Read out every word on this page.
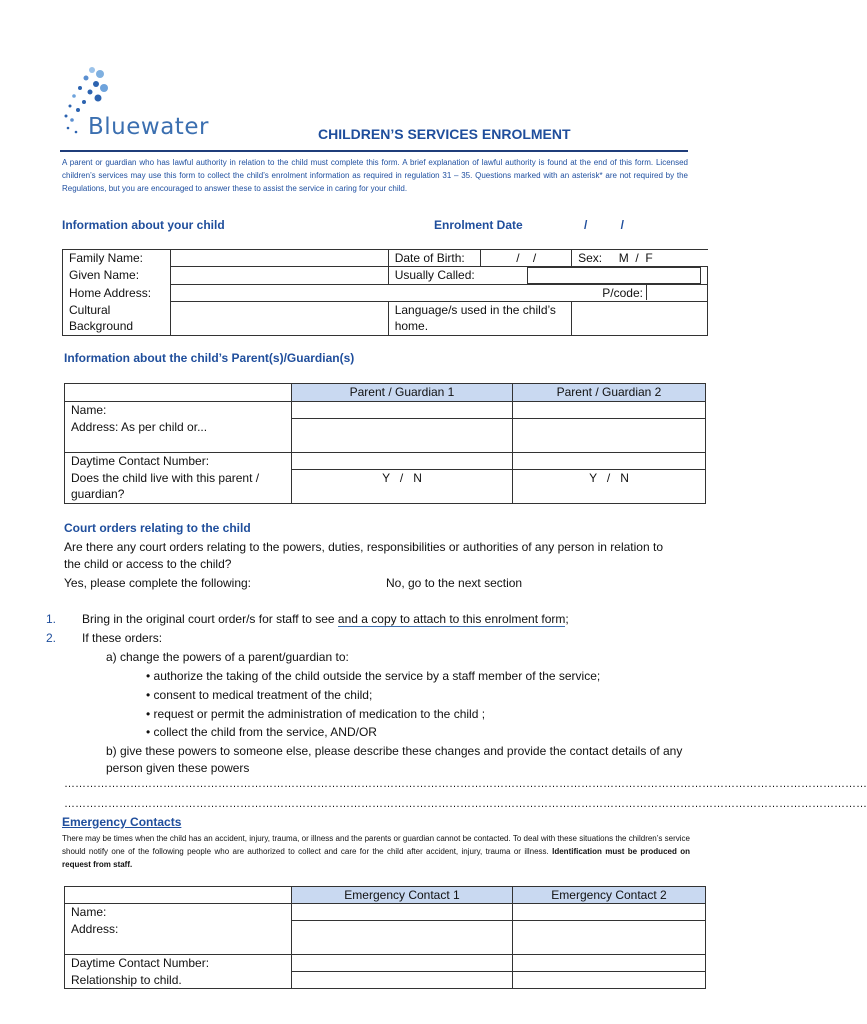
Bluewater	CHILDREN’S SERVICES ENROLMENT
A parent or guardian who has lawful authority in relation to the child must complete this form. A brief explanation of lawful authority is found at the end of this form. Licensed children’s services may use this form to collect the child’s enrolment information as required in regulation 31 – 35. Questions marked with an asterisk* are not required by the Regulations, but you are encouraged to answer these to assist the service in caring for your child.
Information about your child	Enrolment Date	/          /
Family Name:		Date of Birth:	/    /	Sex: M  /  F
Given Name:		Usually Called:		

Home Address:				P/code:
Cultural Background		Language/s used in the child’s home.		
Information about the child’s Parent(s)/Guardian(s)
	Parent / Guardian 1	Parent / Guardian 2
Name:		
Address: As per child or...		
Daytime Contact Number:		
Does the child live with this parent / guardian?	Y   /   N	Y   /   N
Court orders relating to the child
Are there any court orders relating to the powers, duties, responsibilities or authorities of any person in relation to the child or access to the child?
Yes, please complete the following:	No, go to the next section
1. Bring in the original court order/s for staff to see and a copy to attach to this enrolment form;
2. If these orders:
a) change the powers of a parent/guardian to:
• authorize the taking of the child outside the service by a staff member of the service;
• consent to medical treatment of the child;
• request or permit the administration of medication to the child ;
• collect the child from the service, AND/OR
b) give these powers to someone else, please describe these changes and provide the contact details of any person given these powers
…………………………………………………………………………………………………………………………………………………………………………………………………
…………………………………………………………………………………………………………………………………………………………………………………………………
Emergency Contacts
There may be times when the child has an accident, injury, trauma, or illness and the parents or guardian cannot be contacted. To deal with these situations the children’s service should notify one of the following people who are authorized to collect and care for the child after accident, injury, trauma or illness. Identification must be produced on request from staff.
	Emergency Contact 1	Emergency Contact 2
Name:		
Address:		
Daytime Contact Number:		
Relationship to child.		
